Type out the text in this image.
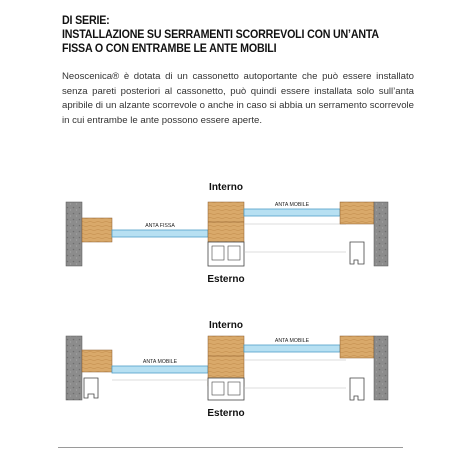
DI SERIE:
INSTALLAZIONE SU SERRAMENTI SCORREVOLI CON UN’ANTA
FISSA O CON ENTRAMBE LE ANTE MOBILI

Neoscenica® è dotata di un cassonetto autoportante che può essere installato senza pareti posteriori al cassonetto, può quindi essere installata solo sull’anta apribile di un alzante scorrevole o anche in caso si abbia un serramento scorrevole in cui entrambe le ante possono essere aperte.

Interno
ANTA FISSA
ANTA MOBILE
Esterno
Interno
ANTA MOBILE
ANTA MOBILE
Esterno
